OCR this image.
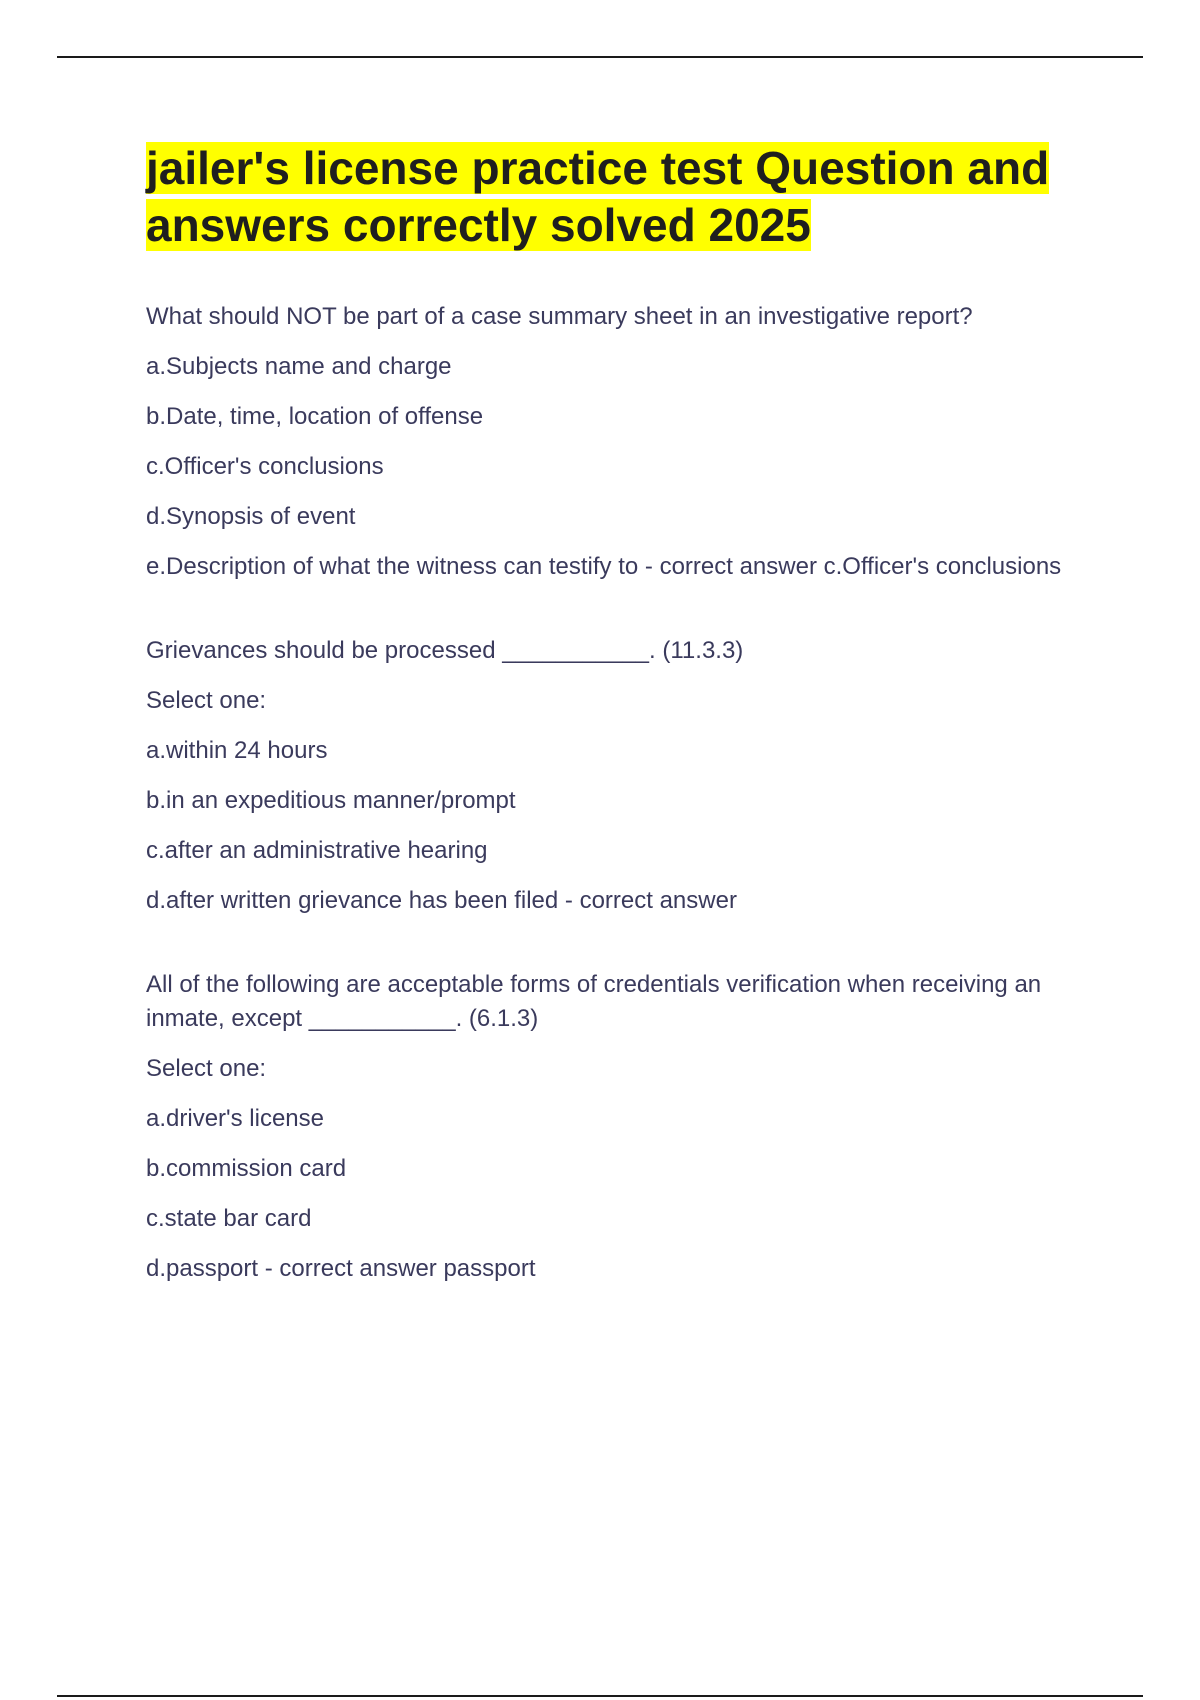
jailer's license practice test Question and answers correctly solved 2025
What should NOT be part of a case summary sheet in an investigative report?
a.Subjects name and charge
b.Date, time, location of offense
c.Officer's conclusions
d.Synopsis of event
e.Description of what the witness can testify to - correct answer c.Officer's conclusions
Grievances should be processed ___________. (11.3.3)
Select one:
a.within 24 hours
b.in an expeditious manner/prompt
c.after an administrative hearing
d.after written grievance has been filed - correct answer
All of the following are acceptable forms of credentials verification when receiving an inmate, except ___________. (6.1.3)
Select one:
a.driver's license
b.commission card
c.state bar card
d.passport - correct answer passport
